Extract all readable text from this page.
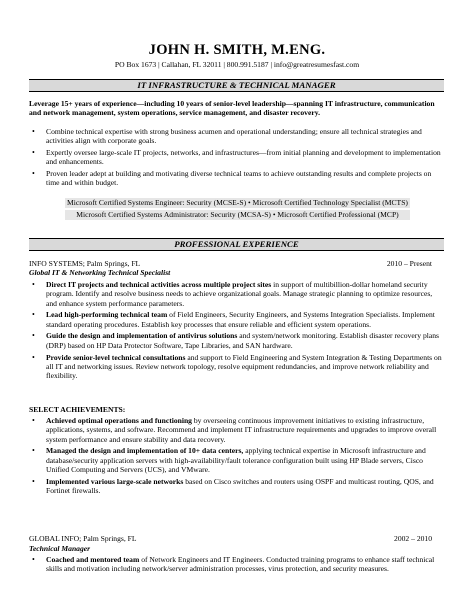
JOHN H. SMITH, M.ENG.
PO Box 1673 | Callahan, FL 32011 | 800.991.5187 | info@greatresumesfast.com
IT INFRASTRUCTURE & TECHNICAL MANAGER
Leverage 15+ years of experience—including 10 years of senior-level leadership—spanning IT infrastructure, communication and network management, system operations, service management, and disaster recovery.
• Combine technical expertise with strong business acumen and operational understanding; ensure all technical strategies and activities align with corporate goals.
• Expertly oversee large-scale IT projects, networks, and infrastructures—from initial planning and development to implementation and enhancements.
• Proven leader adept at building and motivating diverse technical teams to achieve outstanding results and complete projects on time and within budget.
Microsoft Certified Systems Engineer: Security (MCSE-S) • Microsoft Certified Technology Specialist (MCTS)
Microsoft Certified Systems Administrator: Security (MCSA-S) • Microsoft Certified Professional (MCP)
PROFESSIONAL EXPERIENCE
INFO SYSTEMS; Palm Springs, FL	2010 – Present
Global IT & Networking Technical Specialist
• Direct IT projects and technical activities across multiple project sites in support of multibillion-dollar homeland security program. Identify and resolve business needs to achieve organizational goals. Manage strategic planning to optimize resources, and enhance system performance parameters.
• Lead high-performing technical team of Field Engineers, Security Engineers, and Systems Integration Specialists. Implement standard operating procedures. Establish key processes that ensure reliable and efficient system operations.
• Guide the design and implementation of antivirus solutions and system/network monitoring. Establish disaster recovery plans (DRP) based on HP Data Protector Software, Tape Libraries, and SAN hardware.
• Provide senior-level technical consultations and support to Field Engineering and System Integration & Testing Departments on all IT and networking issues. Review network topology, resolve equipment redundancies, and improve network reliability and flexibility.
SELECT ACHIEVEMENTS:
• Achieved optimal operations and functioning by overseeing continuous improvement initiatives to existing infrastructure, applications, systems, and software. Recommend and implement IT infrastructure requirements and upgrades to improve overall system performance and ensure stability and data recovery.
• Managed the design and implementation of 10+ data centers, applying technical expertise in Microsoft infrastructure and database/security application servers with high-availability/fault tolerance configuration built using HP Blade servers, Cisco Unified Computing and Servers (UCS), and VMware.
• Implemented various large-scale networks based on Cisco switches and routers using OSPF and multicast routing, QOS, and Fortinet firewalls.
GLOBAL INFO; Palm Springs, FL	2002 – 2010
Technical Manager
• Coached and mentored team of Network Engineers and IT Engineers. Conducted training programs to enhance staff technical skills and motivation including network/server administration processes, virus protection, and security measures.
